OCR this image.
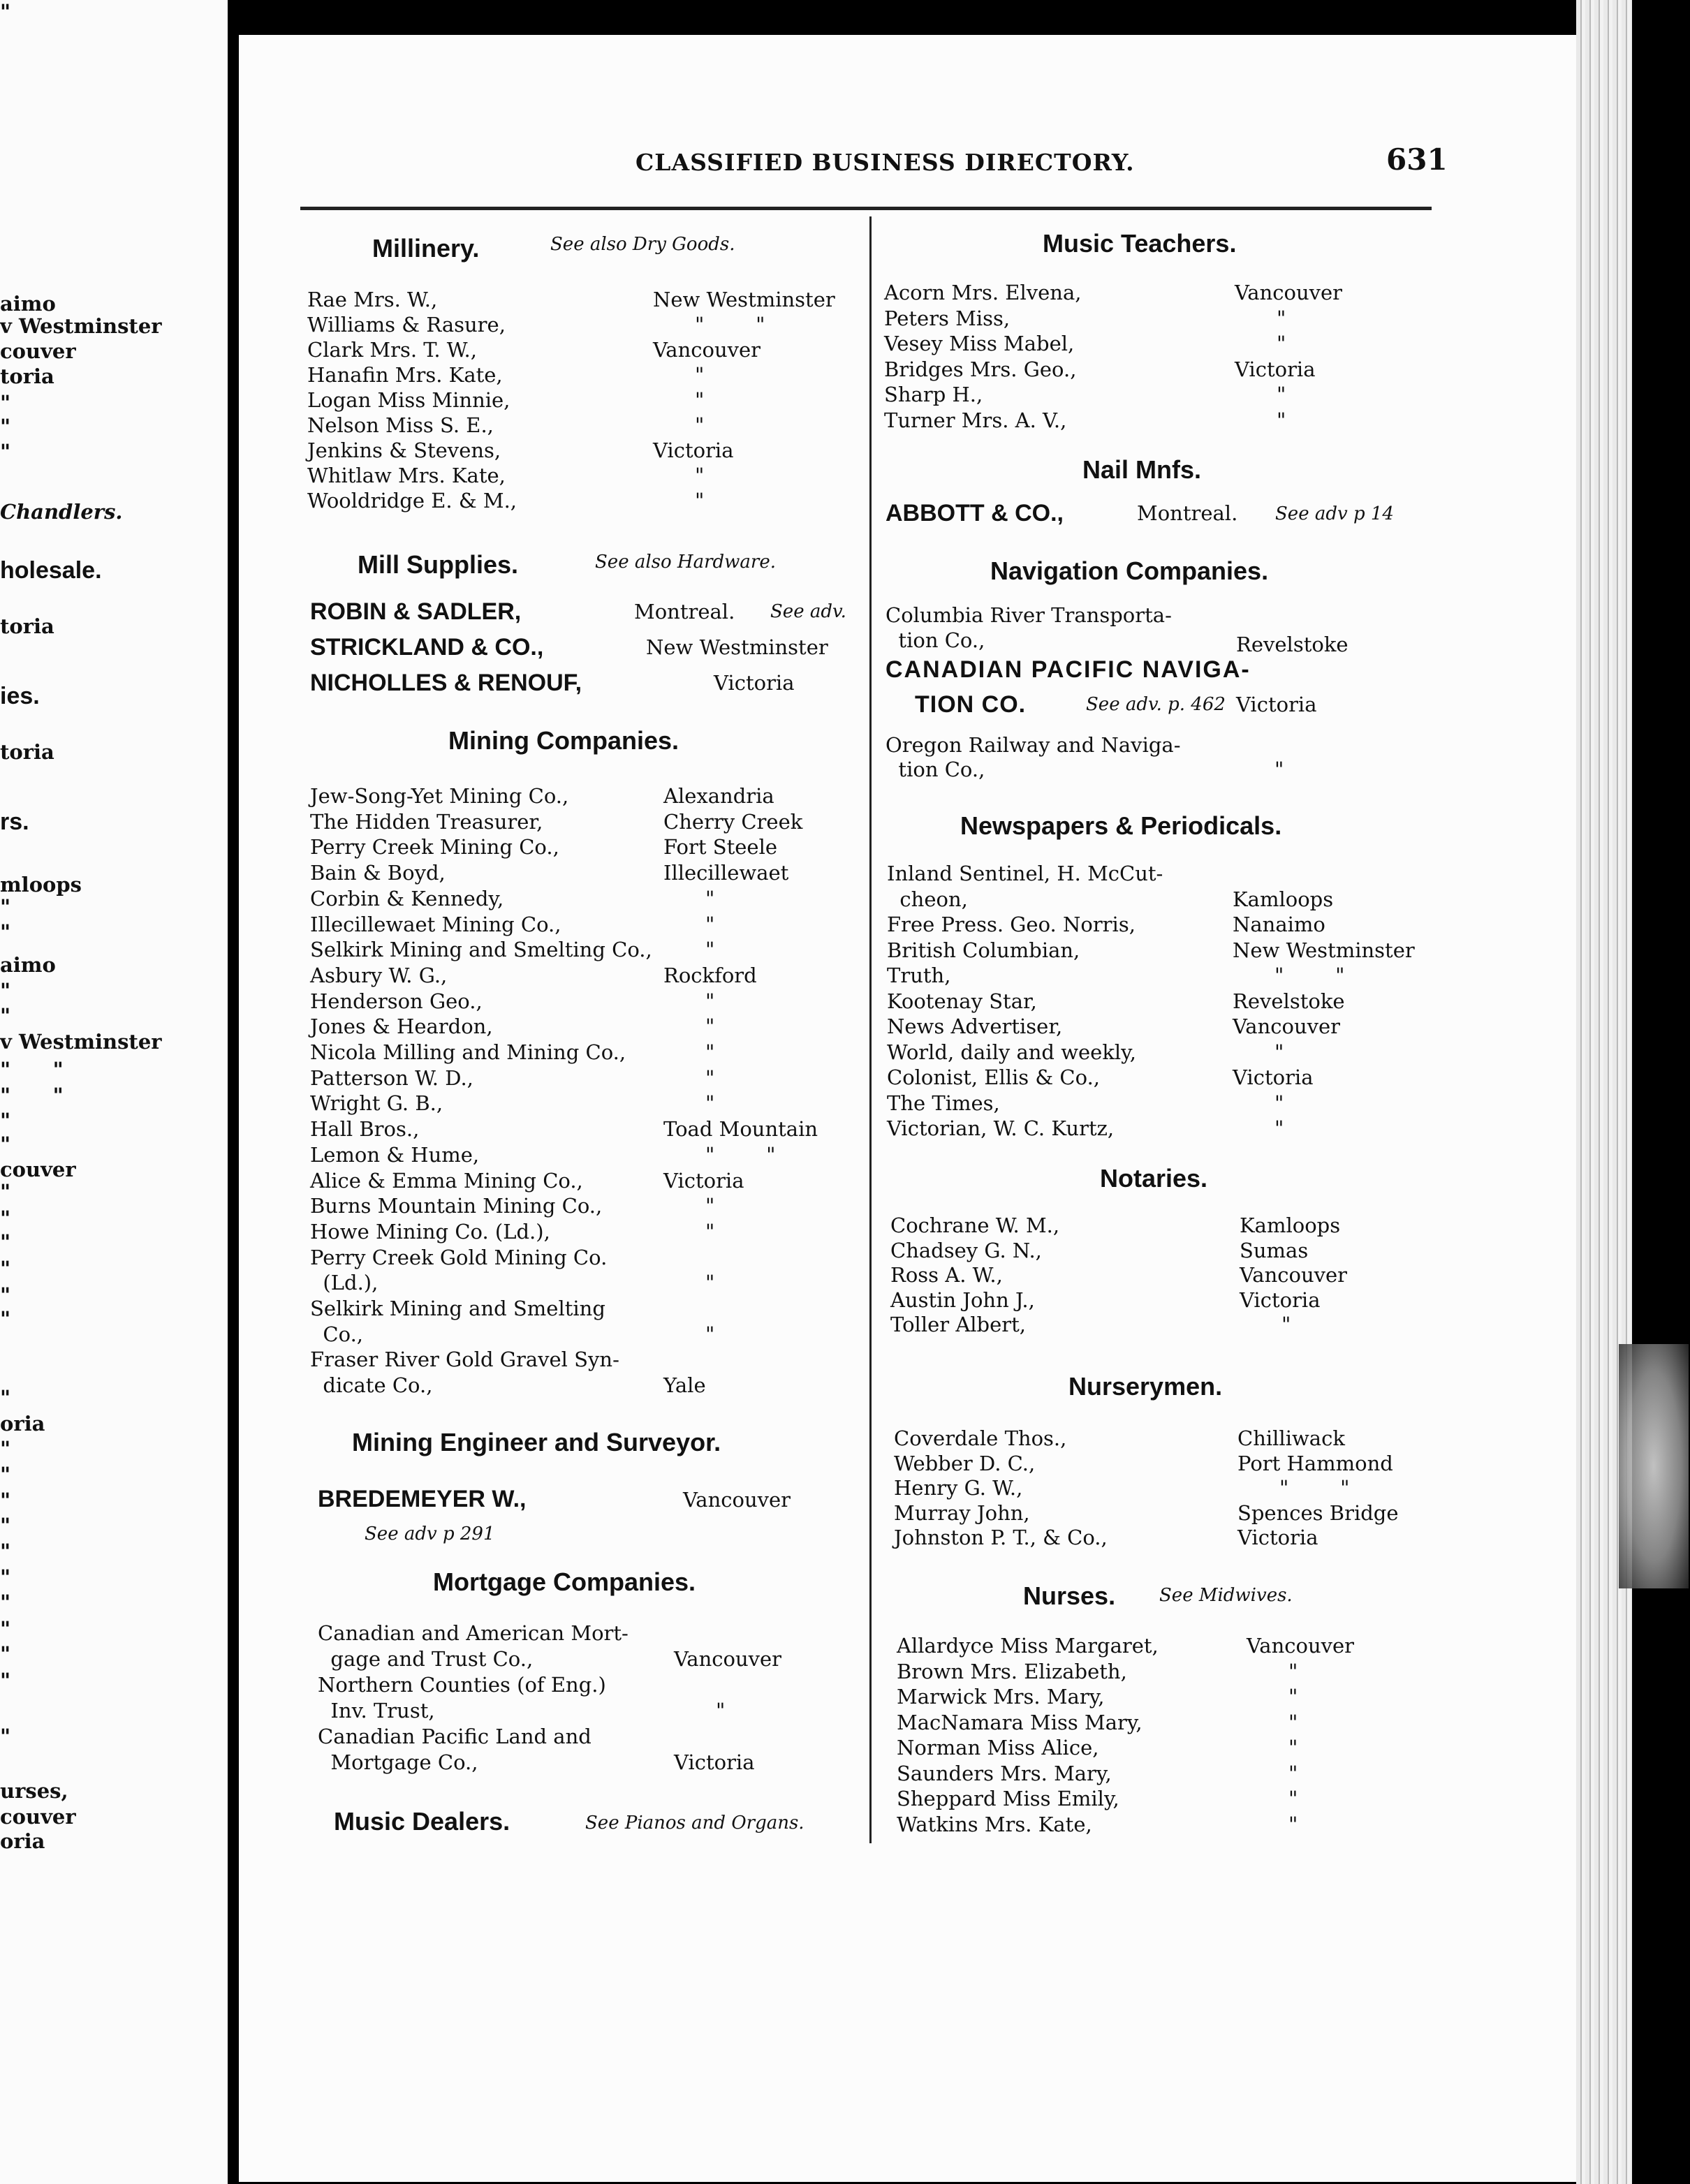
aimo
v Westminster
couver
toria
"
"
"
Chandlers.
holesale.
toria
ies.
toria
rs.
mloops
"
"
aimo
"
"
v Westminster
"      "
"      "
"
"
couver
"
"
"
"
"
"
"
oria
"
"
"
"
"
"
"
"
"
"
"
urses,
couver
oria
"
CLASSIFIED BUSINESS DIRECTORY.	631
Millinery.	See also Dry Goods.
Rae Mrs. W.,	New Westminster
Williams & Rasure,	"        "
Clark Mrs. T. W.,	Vancouver
Hanafin Mrs. Kate,	"
Logan Miss Minnie,	"
Nelson Miss S. E.,	"
Jenkins & Stevens,	Victoria
Whitlaw Mrs. Kate,	"
Wooldridge E. & M.,	"
Mill Supplies.	See also Hardware.
ROBIN & SADLER,	Montreal. See adv.
STRICKLAND & CO.,	New Westminster
NICHOLLES & RENOUF,	Victoria
Mining Companies.
Jew-Song-Yet Mining Co.,	Alexandria
The Hidden Treasurer,	Cherry Creek
Perry Creek Mining Co.,	Fort Steele
Bain & Boyd,	Illecillewaet
Corbin & Kennedy,	"
Illecillewaet Mining Co.,	"
Selkirk Mining and Smelting Co.,	"
Asbury W. G.,	Rockford
Henderson Geo.,	"
Jones & Heardon,	"
Nicola Milling and Mining Co.,	"
Patterson W. D.,	"
Wright G. B.,	"
Hall Bros.,	Toad Mountain
Lemon & Hume,	"        "
Alice & Emma Mining Co.,	Victoria
Burns Mountain Mining Co.,	"
Howe Mining Co. (Ld.),	"
Perry Creek Gold Mining Co.
(Ld.),	"
Selkirk Mining and Smelting
Co.,	"
Fraser River Gold Gravel Syn-
dicate Co.,	Yale
Mining Engineer and Surveyor.
BREDEMEYER W.,	Vancouver
See adv p 291
Mortgage Companies.
Canadian and American Mort-
gage and Trust Co.,	Vancouver
Northern Counties (of Eng.)
Inv. Trust,	"
Canadian Pacific Land and
Mortgage Co.,	Victoria
Music Dealers.	See Pianos and Organs.
Music Teachers.
Acorn Mrs. Elvena,	Vancouver
Peters Miss,	"
Vesey Miss Mabel,	"
Bridges Mrs. Geo.,	Victoria
Sharp H.,	"
Turner Mrs. A. V.,	"
Nail Mnfs.
ABBOTT & CO.,	Montreal. See adv p 14
Navigation Companies.
Columbia River Transporta-
tion Co.,	Revelstoke
CANADIAN PACIFIC NAVIGA-
TION CO.	See adv. p. 462 Victoria
Oregon Railway and Naviga-
tion Co.,	"
Newspapers & Periodicals.
Inland Sentinel, H. McCut-
cheon,	Kamloops
Free Press. Geo. Norris,	Nanaimo
British Columbian,	New Westminster
Truth,	"        "
Kootenay Star,	Revelstoke
News Advertiser,	Vancouver
World, daily and weekly,	"
Colonist, Ellis & Co.,	Victoria
The Times,	"
Victorian, W. C. Kurtz,	"
Notaries.
Cochrane W. M.,	Kamloops
Chadsey G. N.,	Sumas
Ross A. W.,	Vancouver
Austin John J.,	Victoria
Toller Albert,	"
Nurserymen.
Coverdale Thos.,	Chilliwack
Webber D. C.,	Port Hammond
Henry G. W.,	"        "
Murray John,	Spences Bridge
Johnston P. T., & Co.,	Victoria
Nurses. See Midwives.
Allardyce Miss Margaret,	Vancouver
Brown Mrs. Elizabeth,	"
Marwick Mrs. Mary,	"
MacNamara Miss Mary,	"
Norman Miss Alice,	"
Saunders Mrs. Mary,	"
Sheppard Miss Emily,	"
Watkins Mrs. Kate,	"
